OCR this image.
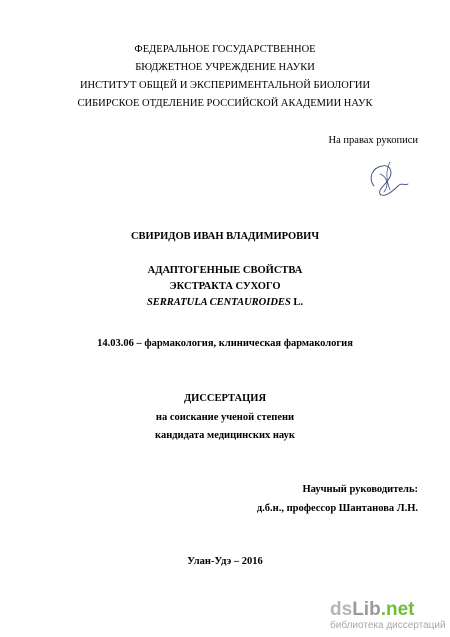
ФЕДЕРАЛЬНОЕ ГОСУДАРСТВЕННОЕ
БЮДЖЕТНОЕ УЧРЕЖДЕНИЕ НАУКИ
ИНСТИТУТ ОБЩЕЙ И ЭКСПЕРИМЕНТАЛЬНОЙ БИОЛОГИИ
СИБИРСКОЕ ОТДЕЛЕНИЕ РОССИЙСКОЙ АКАДЕМИИ НАУК
На правах рукописи
СВИРИДОВ ИВАН ВЛАДИМИРОВИЧ
АДАПТОГЕННЫЕ СВОЙСТВА
ЭКСТРАКТА СУХОГО
SERRATULA CENTAUROIDES L.
14.03.06 – фармакология, клиническая фармакология
ДИССЕРТАЦИЯ
на соискание ученой степени
кандидата медицинских наук
Научный руководитель:
д.б.н., профессор Шантанова Л.Н.
Улан-Удэ – 2016
dsLib.net
библиотека диссертаций
